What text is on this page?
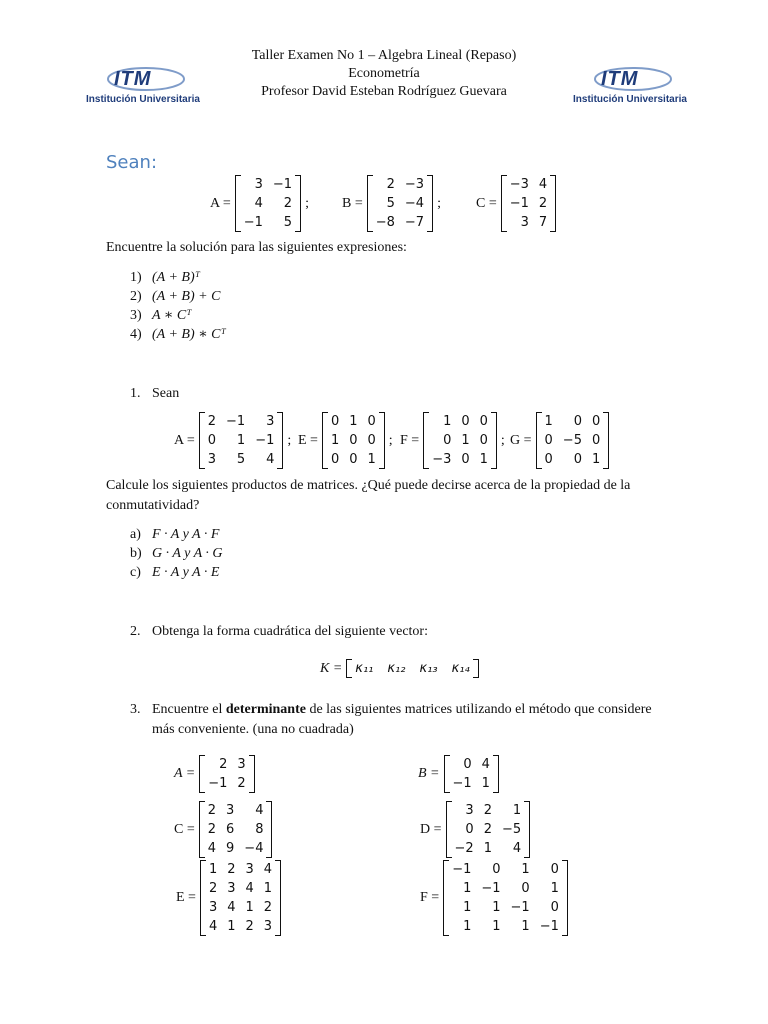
Taller Examen No 1 – Algebra Lineal (Repaso)
Econometría
Profesor David Esteban Rodríguez Guevara
ITM
Institución Universitaria
ITM
Institución Universitaria
Sean:
A =
3 −1
4	2
−1	5
; B =
2 −3
5 −4
−8 −7
;	C =
−3 4
−1 2
3 7
Encuentre la solución para las siguientes expresiones:
1) (A + B)ᵀ
2) (A + B) + C
3) A ∗ Cᵀ
4) (A + B) ∗ Cᵀ
1. Sean
A =
2 −1	3
0	1 −1
3	5	4
; E =
0 1 0
1 0 0
0 0 1
; F =
1 0 0
0 1 0
−3 0 1
; G =
1	0 0
0 −5 0
0	0 1
Calcule los siguientes productos de matrices. ¿Qué puede decirse acerca de la propiedad de la conmutatividad?
a) F · A y A · F
b) G · A y A · G
c) E · A y A · E
2. Obtenga la forma cuadrática del siguiente vector:
K = κ₁₁ κ₁₂ κ₁₃ κ₁₄
3. Encuentre el determinante de las siguientes matrices utilizando el método que considere más conveniente. (una no cuadrada)
A =
2 3
−1 2
B =
0 4
−1 1
C =
2 3	4
2 6	8
4 9 −4
D =
3 2	1
0 2 −5
−2 1	4
E =
1 2 3 4
2 3 4 1
3 4 1 2
4 1 2 3
F =
−1	0	1	0
1 −1	0	1
1	1 −1	0
1	1	1 −1
